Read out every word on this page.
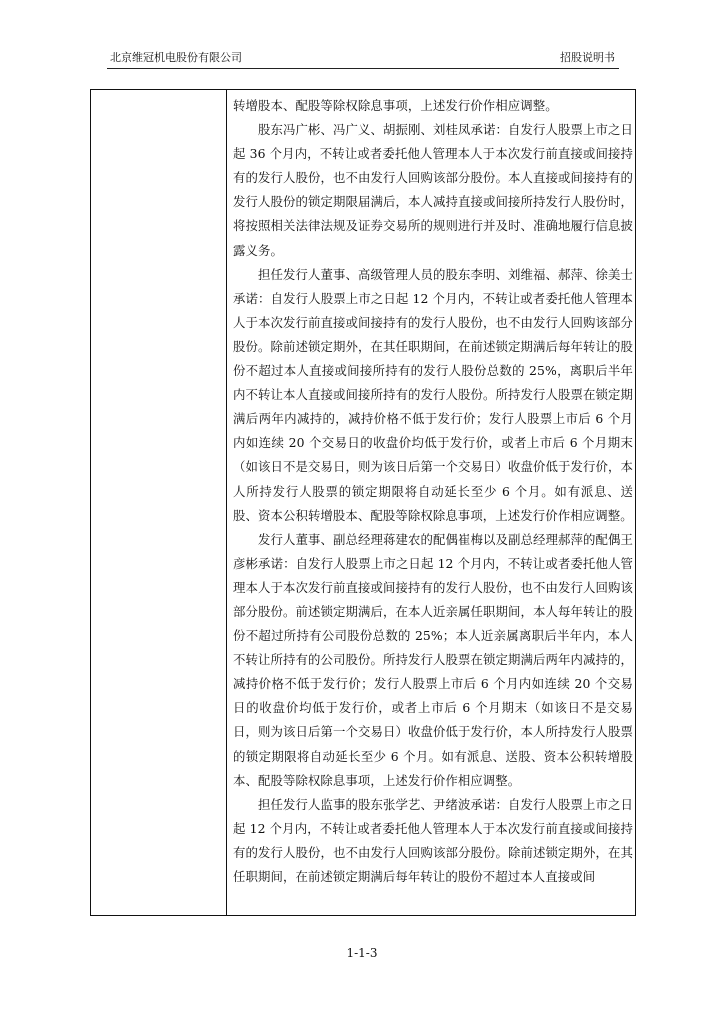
北京维冠机电股份有限公司	招股说明书

转增股本、配股等除权除息事项，上述发行价作相应调整。

股东冯广彬、冯广义、胡振刚、刘桂凤承诺：自发行人股票上市之日起 36 个月内，不转让或者委托他人管理本人于本次发行前直接或间接持有的发行人股份，也不由发行人回购该部分股份。本人直接或间接持有的发行人股份的锁定期限届满后，本人减持直接或间接所持发行人股份时，将按照相关法律法规及证券交易所的规则进行并及时、准确地履行信息披露义务。

担任发行人董事、高级管理人员的股东李明、刘维福、郝萍、徐美士承诺：自发行人股票上市之日起 12 个月内，不转让或者委托他人管理本人于本次发行前直接或间接持有的发行人股份，也不由发行人回购该部分股份。除前述锁定期外，在其任职期间，在前述锁定期满后每年转让的股份不超过本人直接或间接所持有的发行人股份总数的 25%，离职后半年内不转让本人直接或间接所持有的发行人股份。所持发行人股票在锁定期满后两年内减持的，减持价格不低于发行价；发行人股票上市后 6 个月内如连续 20 个交易日的收盘价均低于发行价，或者上市后 6 个月期末（如该日不是交易日，则为该日后第一个交易日）收盘价低于发行价，本人所持发行人股票的锁定期限将自动延长至少 6 个月。如有派息、送股、资本公积转增股本、配股等除权除息事项，上述发行价作相应调整。

发行人董事、副总经理蒋建农的配偶崔梅以及副总经理郝萍的配偶王彦彬承诺：自发行人股票上市之日起 12 个月内，不转让或者委托他人管理本人于本次发行前直接或间接持有的发行人股份，也不由发行人回购该部分股份。前述锁定期满后，在本人近亲属任职期间，本人每年转让的股份不超过所持有公司股份总数的 25%；本人近亲属离职后半年内，本人不转让所持有的公司股份。所持发行人股票在锁定期满后两年内减持的，减持价格不低于发行价；发行人股票上市后 6 个月内如连续 20 个交易日的收盘价均低于发行价，或者上市后 6 个月期末（如该日不是交易日，则为该日后第一个交易日）收盘价低于发行价，本人所持发行人股票的锁定期限将自动延长至少 6 个月。如有派息、送股、资本公积转增股本、配股等除权除息事项，上述发行价作相应调整。

担任发行人监事的股东张学艺、尹绪波承诺：自发行人股票上市之日起 12 个月内，不转让或者委托他人管理本人于本次发行前直接或间接持有的发行人股份，也不由发行人回购该部分股份。除前述锁定期外，在其任职期间，在前述锁定期满后每年转让的股份不超过本人直接或间

1-1-3
